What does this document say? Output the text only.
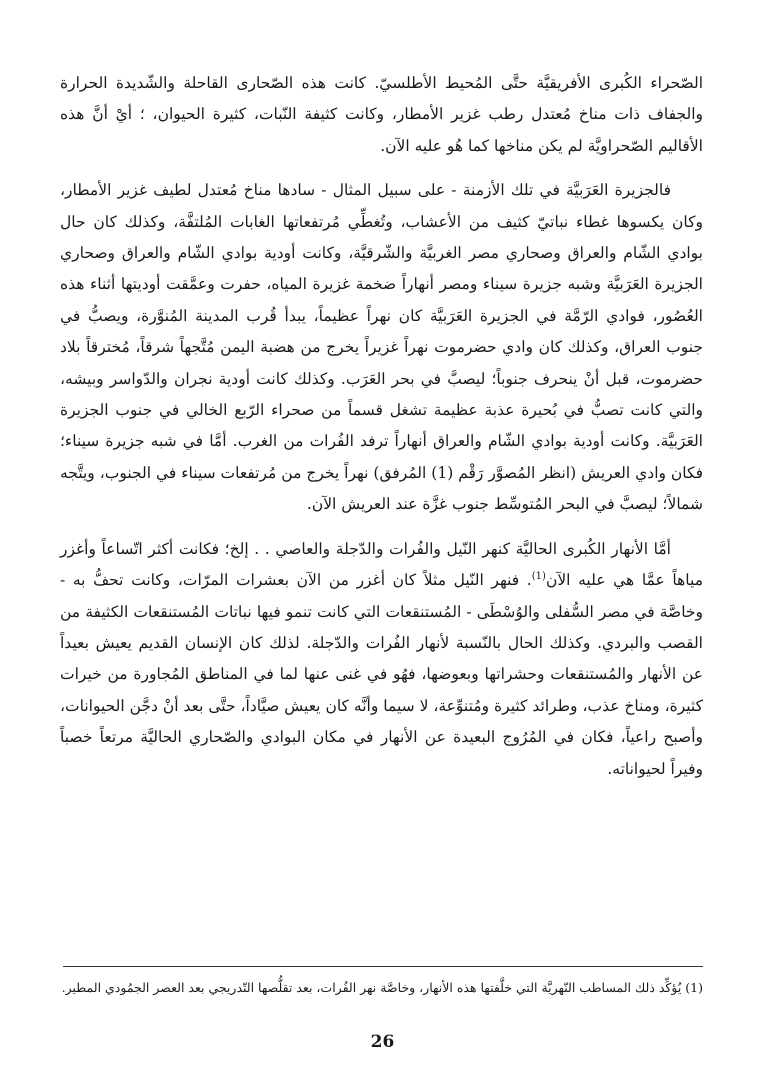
الصّحراء الكُبرى الأفريقيَّة حتَّى المُحيط الأطلسيّ. كانت هذه الصّحارى القاحلة والشّديدة الحرارة والجفاف ذات مناخ مُعتدل رطب غزير الأمطار، وكانت كثيفة النّبات، كثيرة الحيوان، ؛ أيْ أنَّ هذه الأقاليم الصّحراويَّة لم يكن مناخها كما هُو عليه الآن.

فالجزيرة العَرَبيَّة في تلك الأزمنة - على سبيل المثال - سادها مناخ مُعتدل لطيف غزير الأمطار، وكان يكسوها غطاء نباتيّ كثيف من الأعشاب، وتُغطِّي مُرتفعاتها الغابات المُلتفَّة، وكذلك كان حال بوادي الشّام والعراق وصحاري مصر الغربيَّة والشّرقيَّة، وكانت أودية بوادي الشّام والعراق وصحاري الجزيرة العَرَبيَّة وشبه جزيرة سيناء ومصر أنهاراً ضخمة غزيرة المياه، حفرت وعمَّقت أوديتها أثناء هذه العُصُور، فوادي الرّمَّة في الجزيرة العَرَبيَّة كان نهراً عظيماً، يبدأ قُرب المدينة المُنوَّرة، ويصبُّ في جنوب العراق، وكذلك كان وادي حضرموت نهراً غزيراً يخرج من هضبة اليمن مُتَّجهاً شرقاً، مُخترقاً بلاد حضرموت، قبل أنْ ينحرف جنوباً؛ ليصبَّ في بحر العَرَب. وكذلك كانت أودية نجران والدّواسر وبيشه، والتي كانت تصبُّ في بُحيرة عذبة عظيمة تشغل قسماً من صحراء الرّبع الخالي في جنوب الجزيرة العَرَبيَّة. وكانت أودية بوادي الشّام والعراق أنهاراً ترفد الفُرات من الغرب. أمَّا في شبه جزيرة سيناء؛ فكان وادي العريش (انظر المُصوَّر رَقْم (1) المُرفق) نهراً يخرج من مُرتفعات سيناء في الجنوب، ويتَّجه شمالاً؛ ليصبَّ في البحر المُتوسِّط جنوب غزَّة عند العريش الآن.

أمَّا الأنهار الكُبرى الحاليَّة كنهر النّيل والفُرات والدّجلة والعاصي . . إلخ؛ فكانت أكثر اتّساعاً وأغزر مياهاً عمَّا هي عليه الآن$^{(1)}$. فنهر النّيل مثلاً كان أغزر من الآن بعشرات المرّات، وكانت تحفُّ به - وخاصَّة في مصر السُّفلى والوُسْطَى - المُستنقعات التي كانت تنمو فيها نباتات المُستنقعات الكثيفة من القصب والبردي. وكذلك الحال بالنّسبة لأنهار الفُرات والدّجلة. لذلك كان الإنسان القديم يعيش بعيداً عن الأنهار والمُستنقعات وحشراتها وبعوضها، فهُو في غنى عنها لما في المناطق المُجاورة من خيرات كثيرة، ومناخ عذب، وطرائد كثيرة ومُتنوِّعة، لا سيما وأنَّه كان يعيش صيَّاداً، حتَّى بعد أنْ دجَّن الحيوانات، وأصبح راعياً، فكان في المُرُوج البعيدة عن الأنهار في مكان البوادي والصّحاري الحاليَّة مرتعاً خصباً وفيراً لحيواناته.

(1) يُؤكِّد ذلك المساطب النّهريَّة التي خلَّفتها هذه الأنهار، وخاصَّة نهر الفُرات، بعد تقلُّصها التّدريجي بعد العصر الجمُودي المطير.

26
